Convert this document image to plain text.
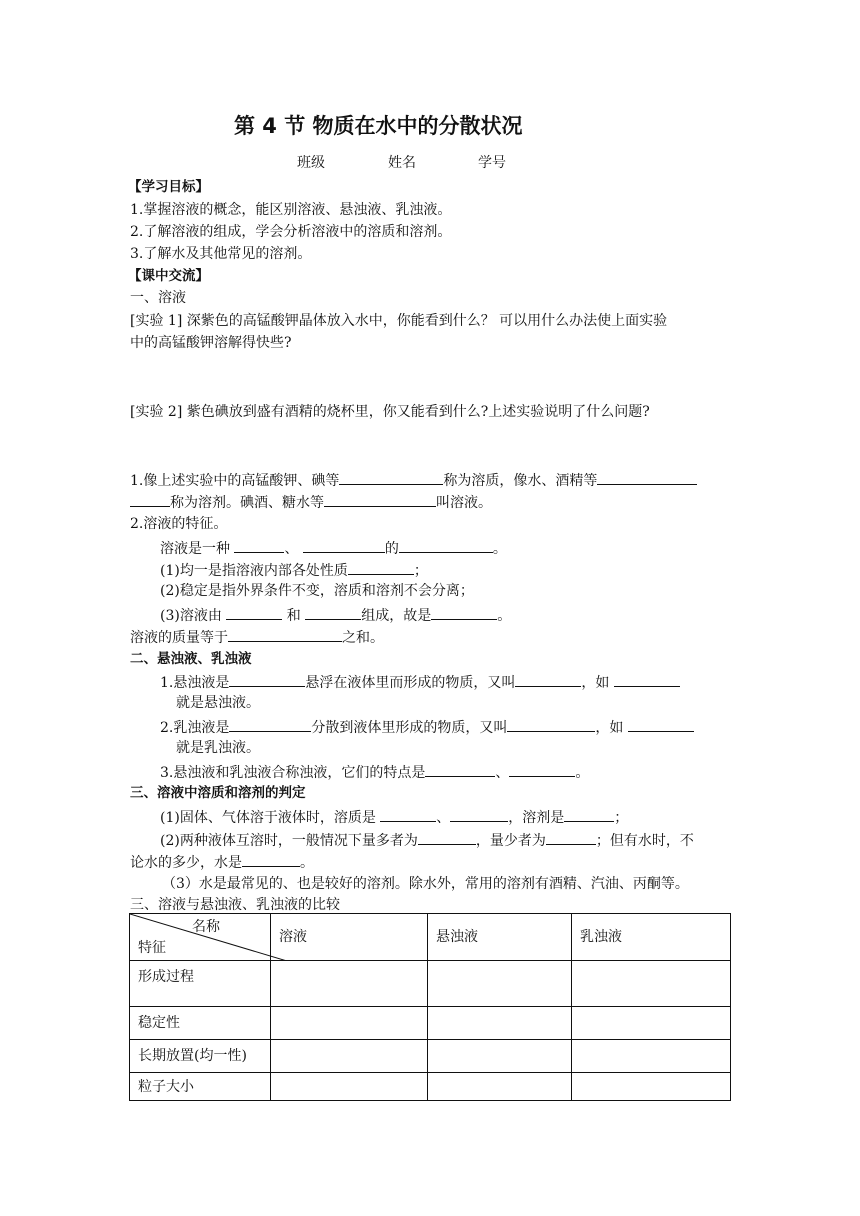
第 4 节 物质在水中的分散状况
班级	姓名	学号
【学习目标】
1.掌握溶液的概念，能区别溶液、悬浊液、乳浊液。
2.了解溶液的组成，学会分析溶液中的溶质和溶剂。
3.了解水及其他常见的溶剂。
【课中交流】
一、溶液
[实验 1] 深紫色的高锰酸钾晶体放入水中，你能看到什么？ 可以用什么办法使上面实验
中的高锰酸钾溶解得快些?
[实验 2] 紫色碘放到盛有酒精的烧杯里，你又能看到什么?上述实验说明了什么问题?
1.像上述实验中的高锰酸钾、碘等	称为溶质，像水、酒精等
称为溶剂。碘酒、糖水等	叫溶液。
2.溶液的特征。
溶液是一种	、	的	。
(1)均一是指溶液内部各处性质	；
(2)稳定是指外界条件不变，溶质和溶剂不会分离；
(3)溶液由	和	组成，故是	。
溶液的质量等于	之和。
二、悬浊液、乳浊液
1.悬浊液是	悬浮在液体里而形成的物质，又叫	，如
就是悬浊液。
2.乳浊液是	分散到液体里形成的物质，又叫	，如
就是乳浊液。
3.悬浊液和乳浊液合称浊液，它们的特点是	、	。
三、溶液中溶质和溶剂的判定
(1)固体、气体溶于液体时，溶质是	、	，溶剂是	；
(2)两种液体互溶时，一般情况下量多者为	，量少者为	；但有水时，不
论水的多少，水是	。
（3）水是最常见的、也是较好的溶剂。除水外，常用的溶剂有酒精、汽油、丙酮等。
三、溶液与悬浊液、乳浊液的比较
名称
特征	溶液	悬浊液	乳浊液
形成过程			
稳定性			
长期放置(均一性)			
粒子大小			
